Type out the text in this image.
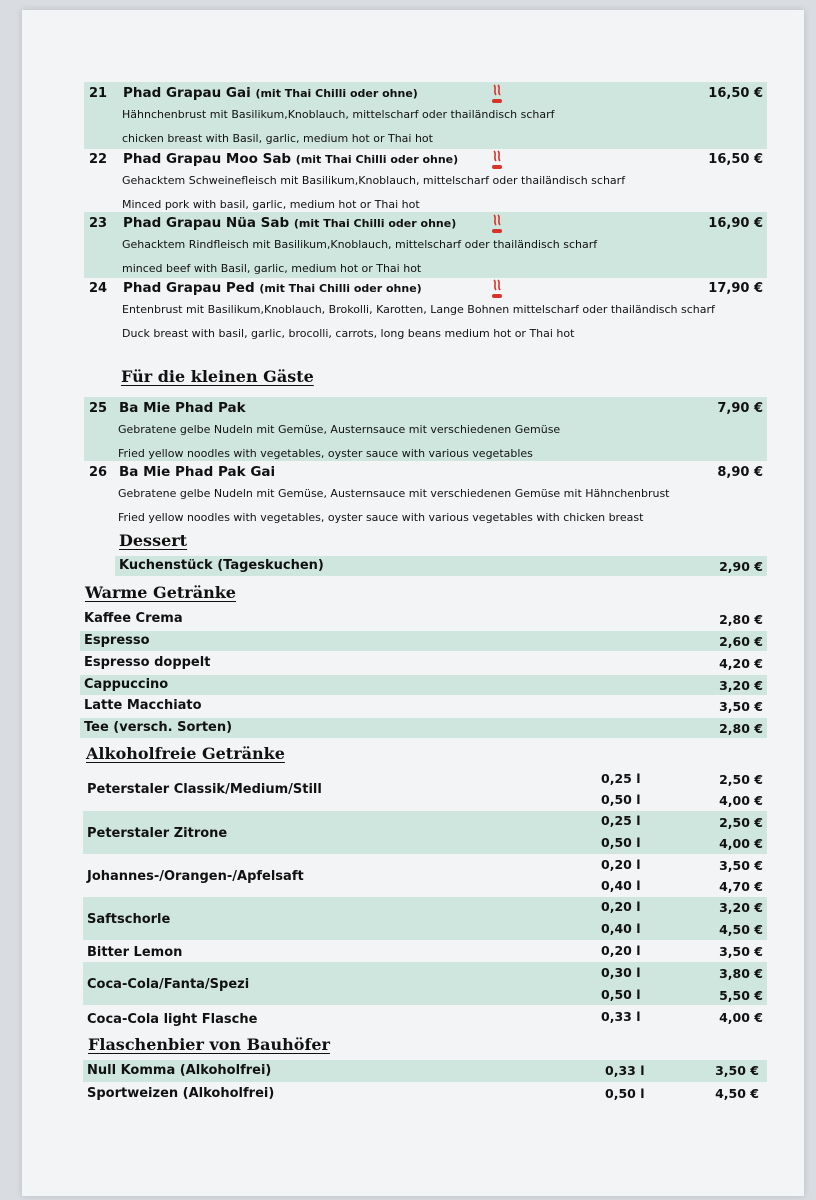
21 Phad Grapau Gai (mit Thai Chilli oder ohne)	16,50 €
Hähnchenbrust mit Basilikum,Knoblauch, mittelscharf oder thailändisch scharf
chicken breast with Basil, garlic, medium hot or Thai hot
22 Phad Grapau Moo Sab (mit Thai Chilli oder ohne)	16,50 €
Gehacktem Schweinefleisch mit Basilikum,Knoblauch, mittelscharf oder thailändisch scharf
Minced pork with basil, garlic, medium hot or Thai hot
23 Phad Grapau Nüa Sab (mit Thai Chilli oder ohne)	16,90 €
Gehacktem Rindfleisch mit Basilikum,Knoblauch, mittelscharf oder thailändisch scharf
minced beef with Basil, garlic, medium hot or Thai hot
24 Phad Grapau Ped (mit Thai Chilli oder ohne)	17,90 €
Entenbrust mit Basilikum,Knoblauch, Brokolli, Karotten, Lange Bohnen mittelscharf oder thailändisch scharf
Duck breast with basil, garlic, brocolli, carrots, long beans medium hot or Thai hot
Für die kleinen Gäste
25 Ba Mie Phad Pak	7,90 €
Gebratene gelbe Nudeln mit Gemüse, Austernsauce mit verschiedenen Gemüse
Fried yellow noodles with vegetables, oyster sauce with various vegetables
26 Ba Mie Phad Pak Gai	8,90 €
Gebratene gelbe Nudeln mit Gemüse, Austernsauce mit verschiedenen Gemüse mit Hähnchenbrust
Fried yellow noodles with vegetables, oyster sauce with various vegetables with chicken breast
Dessert
Kuchenstück (Tageskuchen)	2,90 €
Warme Getränke
Kaffee Crema	2,80 €
Espresso	2,60 €
Espresso doppelt	4,20 €
Cappuccino	3,20 €
Latte Macchiato	3,50 €
Tee (versch. Sorten)	2,80 €
Alkoholfreie Getränke
Peterstaler Classik/Medium/Still
0,25 l	2,50 €
0,50 l	4,00 €
Peterstaler Zitrone
0,25 l	2,50 €
0,50 l	4,00 €
Johannes-/Orangen-/Apfelsaft
0,20 l	3,50 €
0,40 l	4,70 €
Saftschorle
0,20 l	3,20 €
0,40 l	4,50 €
Bitter Lemon	0,20 l	3,50 €
Coca-Cola/Fanta/Spezi
0,30 l	3,80 €
0,50 l	5,50 €
Coca-Cola light Flasche	0,33 l	4,00 €
Flaschenbier von Bauhöfer
Null Komma (Alkoholfrei)	0,33 l	3,50 €
Sportweizen (Alkoholfrei)	0,50 l	4,50 €
